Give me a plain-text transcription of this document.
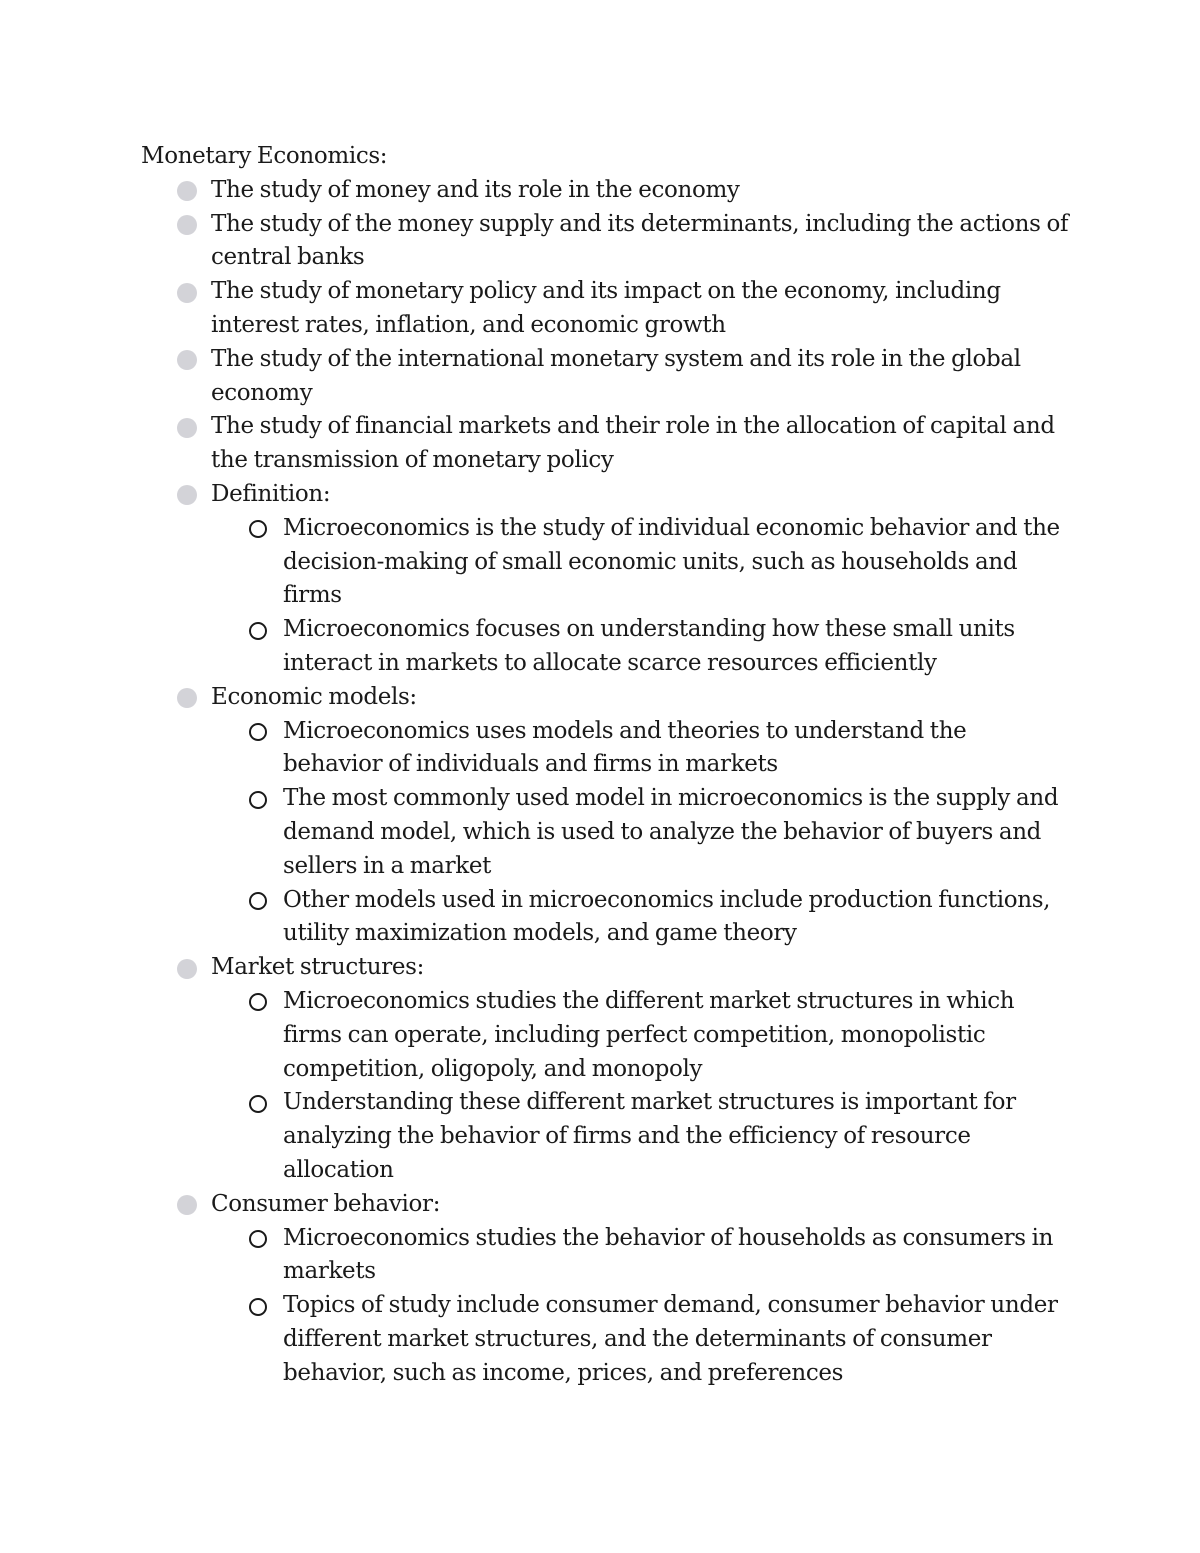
Monetary Economics:
The study of money and its role in the economy
The study of the money supply and its determinants, including the actions of central banks
The study of monetary policy and its impact on the economy, including interest rates, inflation, and economic growth
The study of the international monetary system and its role in the global economy
The study of financial markets and their role in the allocation of capital and the transmission of monetary policy
Definition:
Microeconomics is the study of individual economic behavior and the decision-making of small economic units, such as households and firms
Microeconomics focuses on understanding how these small units interact in markets to allocate scarce resources efficiently
Economic models:
Microeconomics uses models and theories to understand the behavior of individuals and firms in markets
The most commonly used model in microeconomics is the supply and demand model, which is used to analyze the behavior of buyers and sellers in a market
Other models used in microeconomics include production functions, utility maximization models, and game theory
Market structures:
Microeconomics studies the different market structures in which firms can operate, including perfect competition, monopolistic competition, oligopoly, and monopoly
Understanding these different market structures is important for analyzing the behavior of firms and the efficiency of resource allocation
Consumer behavior:
Microeconomics studies the behavior of households as consumers in markets
Topics of study include consumer demand, consumer behavior under different market structures, and the determinants of consumer behavior, such as income, prices, and preferences
